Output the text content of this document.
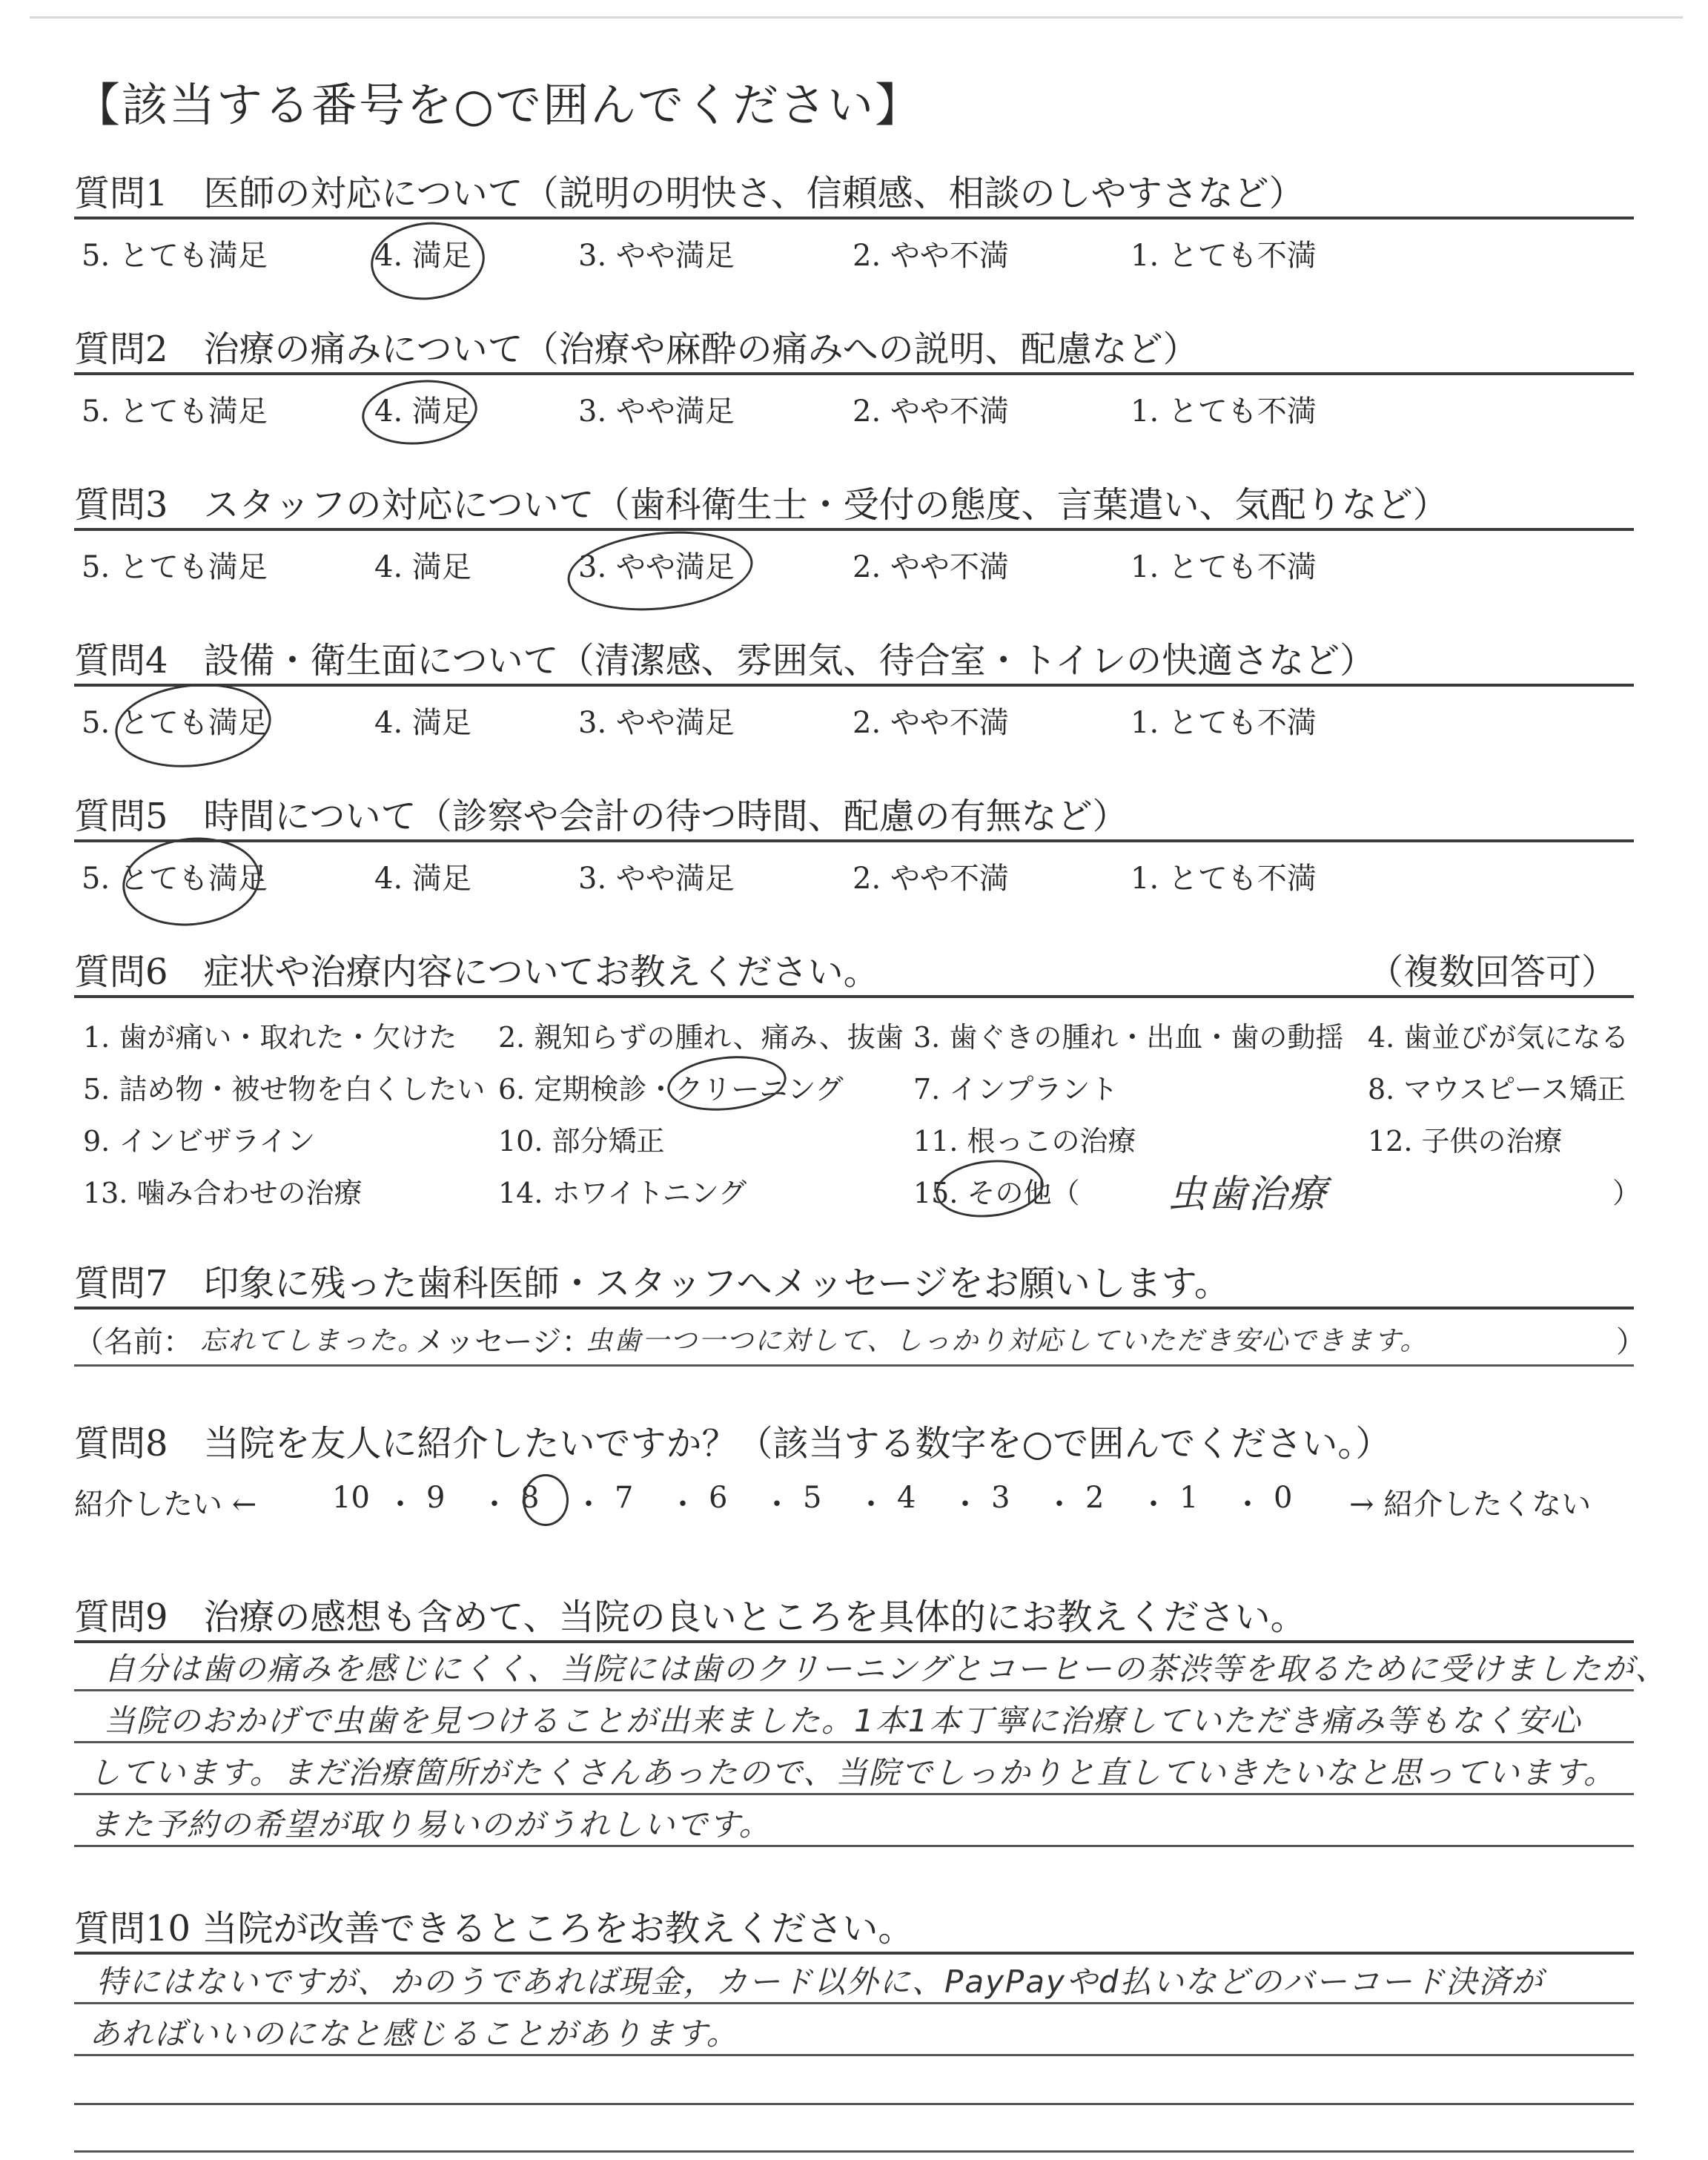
【該当する番号を○で囲んでください】
質問1　医師の対応について（説明の明快さ、信頼感、相談のしやすさなど）
5. とても満足	4. 満足	3. やや満足	2. やや不満	1. とても不満
質問2　治療の痛みについて（治療や麻酔の痛みへの説明、配慮など）
5. とても満足	4. 満足	3. やや満足	2. やや不満	1. とても不満
質問3　スタッフの対応について（歯科衛生士・受付の態度、言葉遣い、気配りなど）
5. とても満足	4. 満足	3. やや満足	2. やや不満	1. とても不満
質問4　設備・衛生面について（清潔感、雰囲気、待合室・トイレの快適さなど）
5. とても満足	4. 満足	3. やや満足	2. やや不満	1. とても不満
質問5　時間について（診察や会計の待つ時間、配慮の有無など）
5. とても満足	4. 満足	3. やや満足	2. やや不満	1. とても不満
質問6　症状や治療内容についてお教えください。	（複数回答可）
1. 歯が痛い・取れた・欠けた 2. 親知らずの腫れ、痛み、抜歯 3. 歯ぐきの腫れ・出血・歯の動揺 4. 歯並びが気になる
5. 詰め物・被せ物を白くしたい 6. 定期検診・クリーニング 7. インプラント	8. マウスピース矯正
9. インビザライン	10. 部分矯正	11. 根っこの治療	12. 子供の治療
13. 噛み合わせの治療	14. ホワイトニング	15. その他（ 虫歯治療	）
質問7　印象に残った歯科医師・スタッフへメッセージをお願いします。
（名前： 忘れてしまった。
メッセージ：
虫歯一つ一つに対して、しっかり対応していただき安心できます。	）
質問8　当院を友人に紹介したいですか？（該当する数字を○で囲んでください。）
紹介したい ←	10 ・ 9 ・ 8 ・ 7 ・ 6 ・ 5 ・ 4 ・ 3 ・ 2 ・ 1 ・ 0 → 紹介したくない
質問9　治療の感想も含めて、当院の良いところを具体的にお教えください。
自分は歯の痛みを感じにくく、当院には歯のクリーニングとコーヒーの茶渋等を取るために受けましたが、
当院のおかげで虫歯を見つけることが出来ました。1本1本丁寧に治療していただき痛み等もなく安心
しています。まだ治療箇所がたくさんあったので、当院でしっかりと直していきたいなと思っています。
また予約の希望が取り易いのがうれしいです。
質問10 当院が改善できるところをお教えください。
特にはないですが、かのうであれば現金，カード以外に、PayPayやd払いなどのバーコード決済が
あればいいのになと感じることがあります。
